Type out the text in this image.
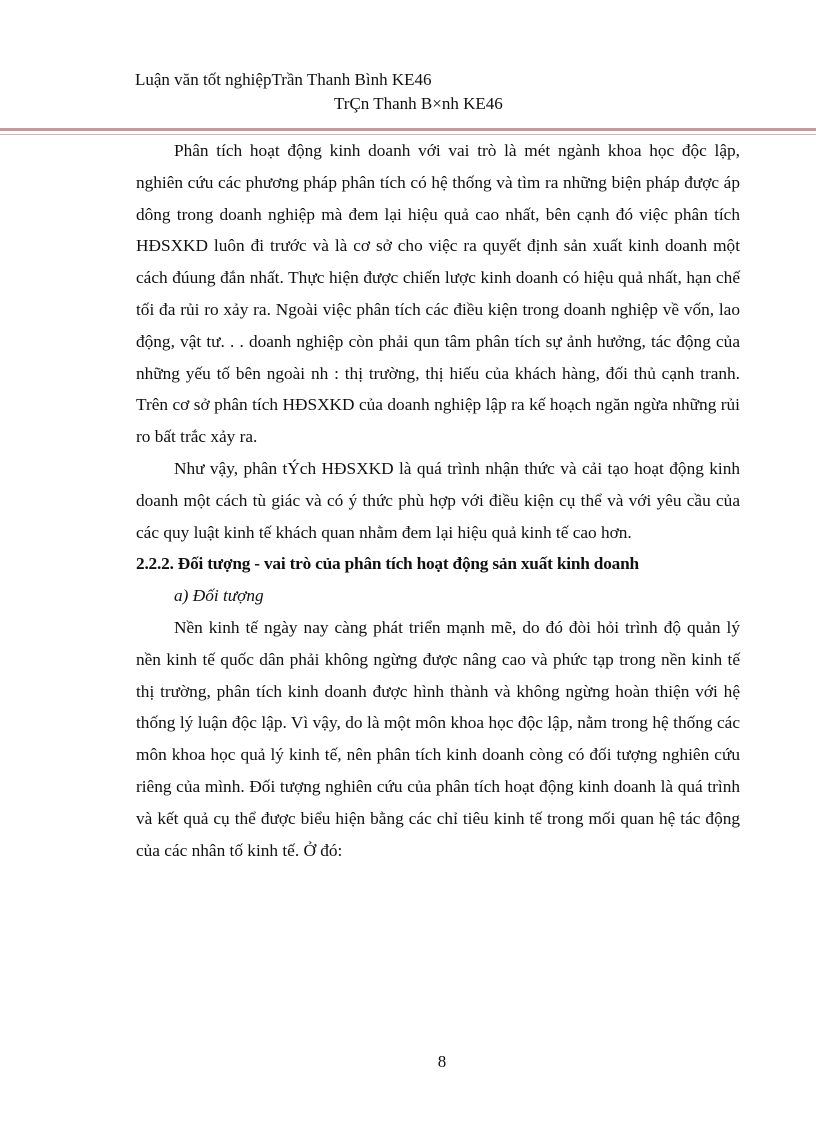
Luận văn tốt nghiệpTrần Thanh Bình KE46
TrÇn Thanh B×nh KE46

Phân tích hoạt động kinh doanh với vai trò là mét ngành khoa học độc lập, nghiên cứu các phương pháp phân tích có hệ thống và tìm ra những biện pháp được áp dông trong doanh nghiệp mà đem lại hiệu quả cao nhất, bên cạnh đó việc phân tích HĐSXKD luôn đi trước và là cơ sở cho việc ra quyết định sản xuất kinh doanh một cách đúung đắn nhất. Thực hiện được chiến lược kinh doanh có hiệu quả nhất, hạn chế tối đa rủi ro xảy ra. Ngoài việc phân tích các điều kiện trong doanh nghiệp về vốn, lao động, vật tư. . . doanh nghiệp còn phải qun tâm phân tích sự ảnh hưởng, tác động của những yếu tố bên ngoài nh : thị trường, thị hiếu của khách hàng, đối thủ cạnh tranh. Trên cơ sở phân tích HĐSXKD của doanh nghiệp lập ra kế hoạch ngăn ngừa những rủi ro bất trắc xảy ra.

Như vậy, phân tÝch HĐSXKD là quá trình nhận thức và cải tạo hoạt động kinh doanh một cách tù giác và có ý thức phù hợp với điều kiện cụ thể và với yêu cầu của các quy luật kinh tế khách quan nhằm đem lại hiệu quả kinh tế cao hơn.

2.2.2. Đối tượng - vai trò của phân tích hoạt động sản xuất kinh doanh

a) Đối tượng

Nền kinh tế ngày nay càng phát triển mạnh mẽ, do đó đòi hỏi trình độ quản lý nền kinh tế quốc dân phải không ngừng được nâng cao và phức tạp trong nền kinh tế thị trường, phân tích kinh doanh được hình thành và không ngừng hoàn thiện với hệ thống lý luận độc lập. Vì vậy, do là một môn khoa học độc lập, nằm trong hệ thống các môn khoa học quả lý kinh tế, nên phân tích kinh doanh còng có đối tượng nghiên cứu riêng của mình. Đối tượng nghiên cứu của phân tích hoạt động kinh doanh là quá trình và kết quả cụ thể được biểu hiện bằng các chỉ tiêu kinh tế trong mối quan hệ tác động của các nhân tố kinh tế. Ở đó:

8
